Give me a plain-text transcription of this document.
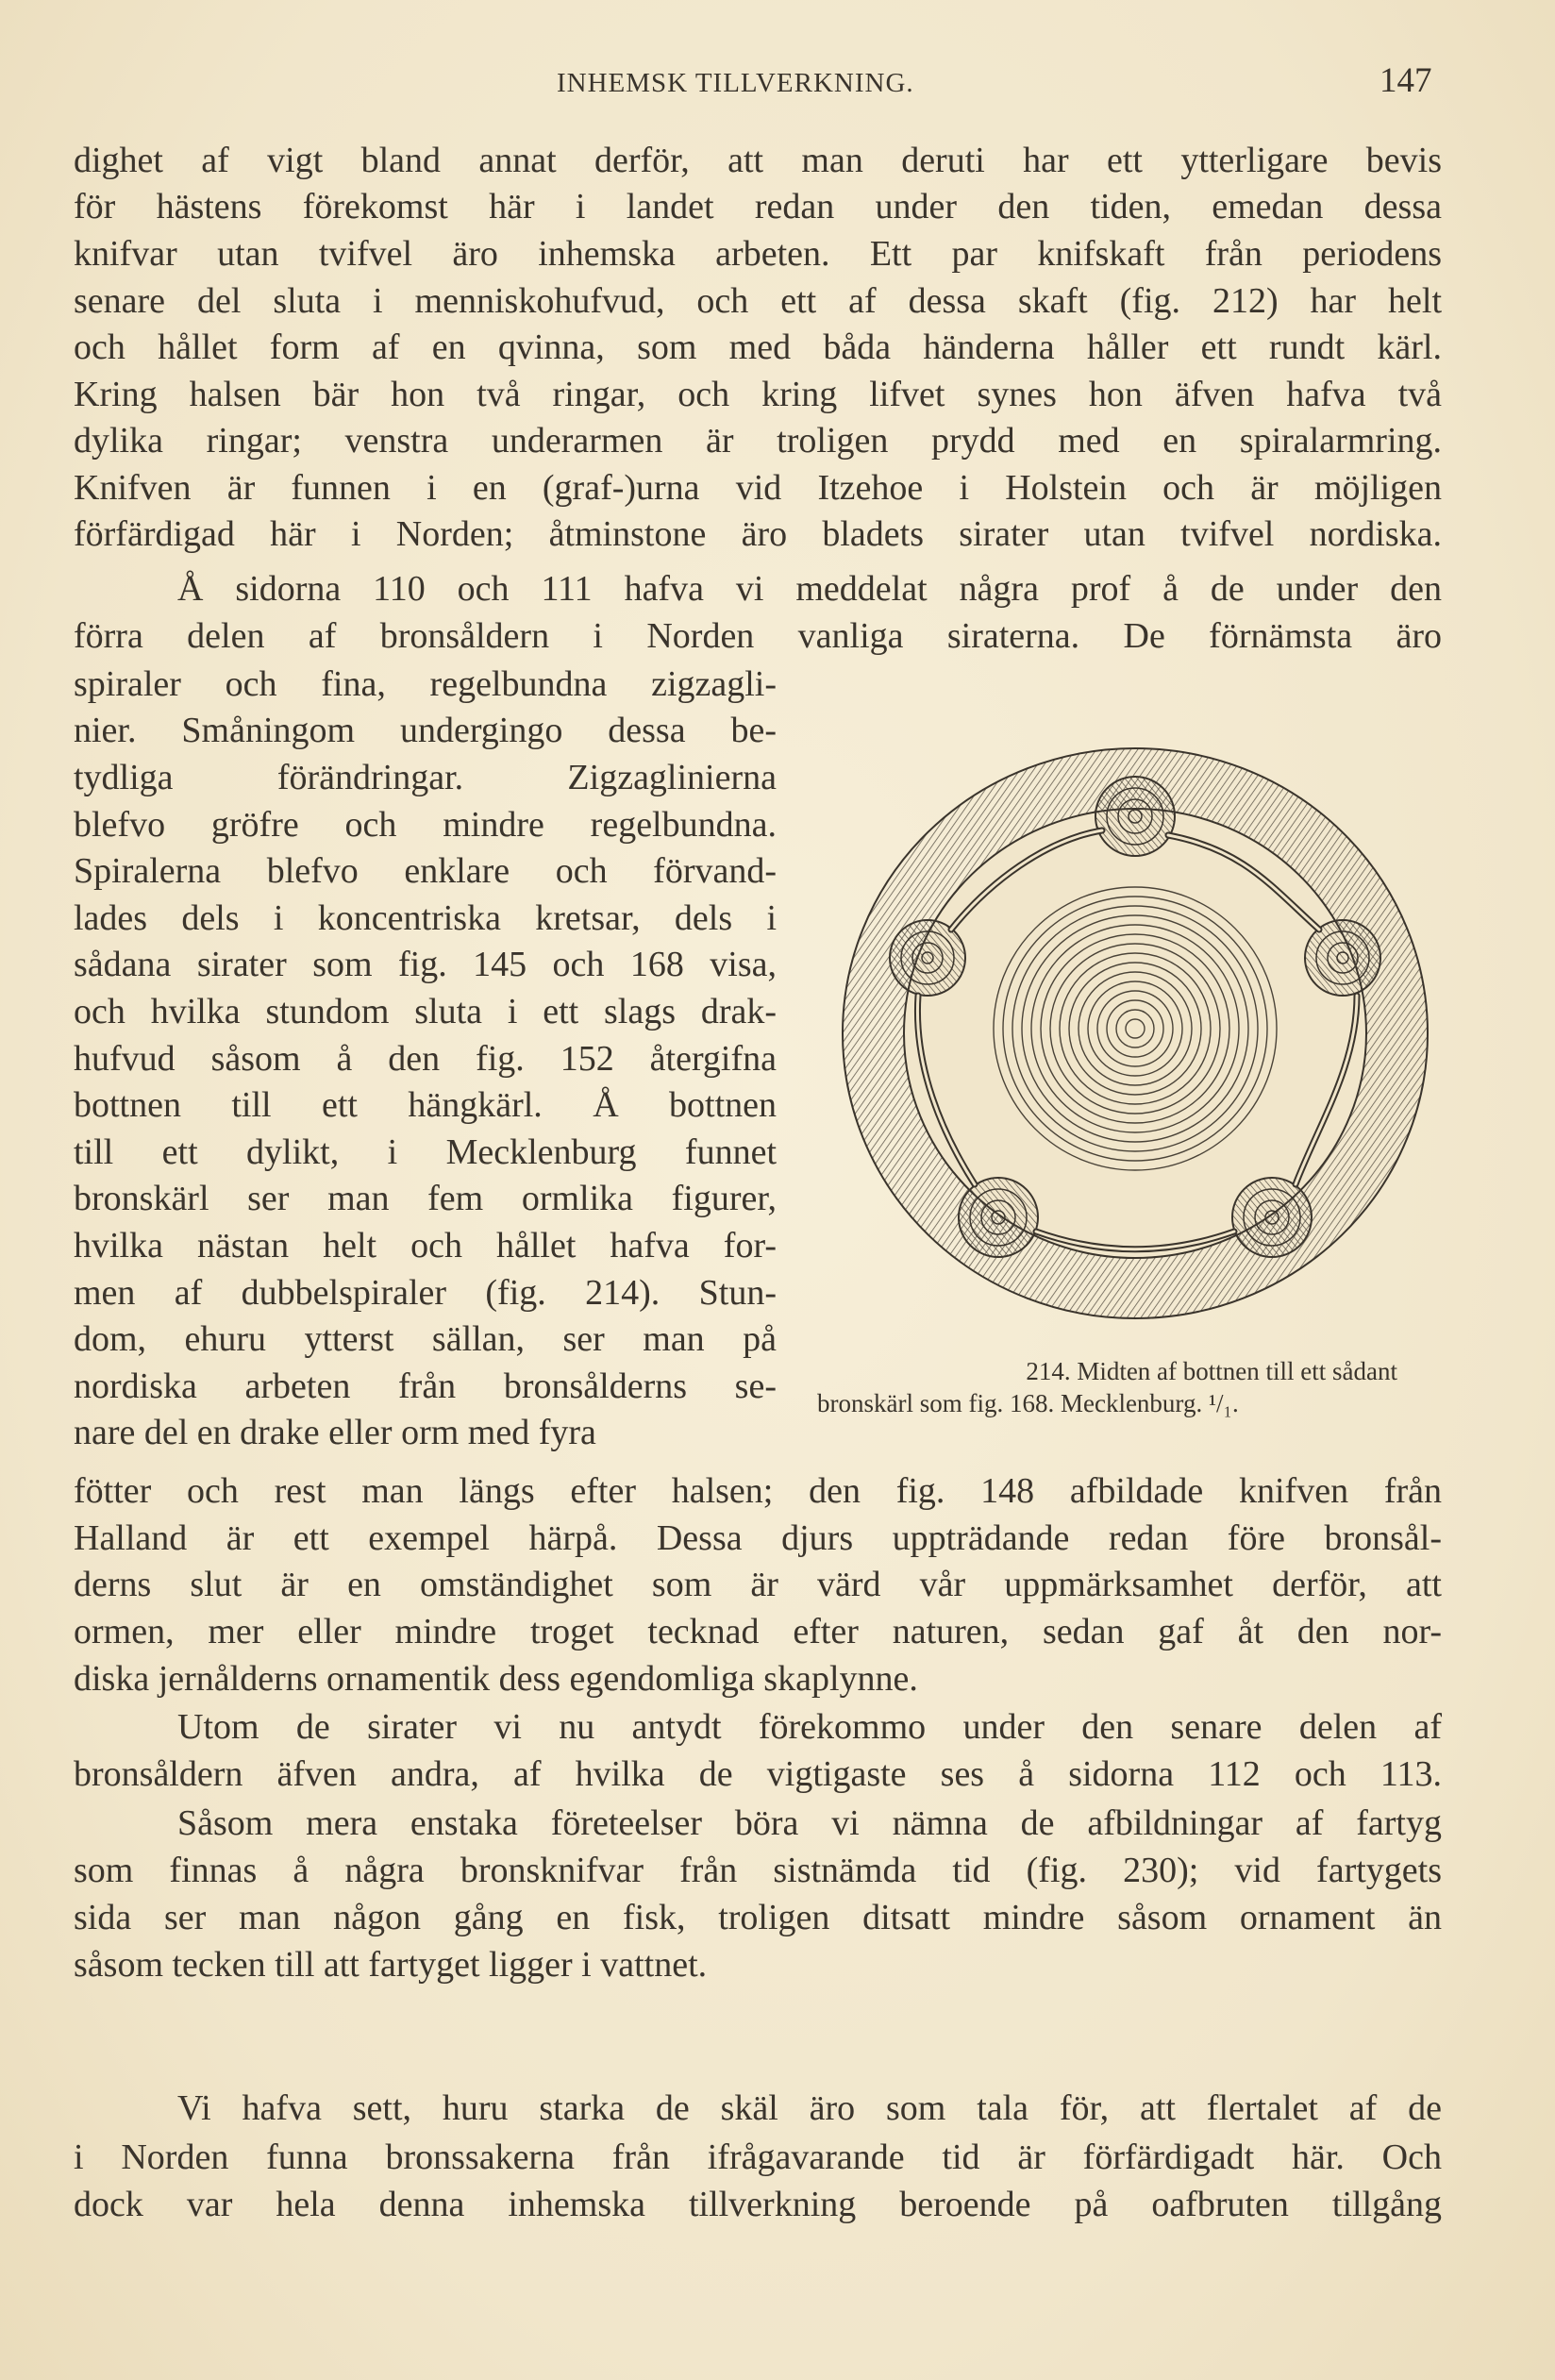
INHEMSK TILLVERKNING.	147
dighet af vigt bland annat derför, att man deruti har ett ytterligare bevis
för hästens förekomst här i landet redan under den tiden, emedan dessa
knifvar utan tvifvel äro inhemska arbeten. Ett par knifskaft från periodens
senare del sluta i menniskohufvud, och ett af dessa skaft (fig. 212) har helt
och hållet form af en qvinna, som med båda händerna håller ett rundt kärl.
Kring halsen bär hon två ringar, och kring lifvet synes hon äfven hafva två
dylika ringar; venstra underarmen är troligen prydd med en spiralarmring.
Knifven är funnen i en (graf-)urna vid Itzehoe i Holstein och är möjligen
förfärdigad här i Norden; åtminstone äro bladets sirater utan tvifvel nordiska.
Å sidorna 110 och 111 hafva vi meddelat några prof å de under den
förra delen af bronsåldern i Norden vanliga siraterna. De förnämsta äro
spiraler och fina, regelbundna zigzagli-
nier. Småningom undergingo dessa be-
tydliga förändringar. Zigzaglinierna
blefvo gröfre och mindre regelbundna.
Spiralerna blefvo enklare och förvand-
lades dels i koncentriska kretsar, dels i
sådana sirater som fig. 145 och 168 visa,
och hvilka stundom sluta i ett slags drak-
hufvud såsom å den fig. 152 återgifna
bottnen till ett hängkärl. Å bottnen
till ett dylikt, i Mecklenburg funnet
bronskärl ser man fem ormlika figurer,
hvilka nästan helt och hållet hafva for-
men af dubbelspiraler (fig. 214). Stun-
dom, ehuru ytterst sällan, ser man på
nordiska arbeten från bronsålderns se-
nare del en drake eller orm med fyra
214. Midten af bottnen till ett sådant
bronskärl som fig. 168. Mecklenburg. ¹/₁.
fötter och rest man längs efter halsen; den fig. 148 afbildade knifven från
Halland är ett exempel härpå. Dessa djurs uppträdande redan före bronsål-
derns slut är en omständighet som är värd vår uppmärksamhet derför, att
ormen, mer eller mindre troget tecknad efter naturen, sedan gaf åt den nor-
diska jernålderns ornamentik dess egendomliga skaplynne.
Utom de sirater vi nu antydt förekommo under den senare delen af
bronsåldern äfven andra, af hvilka de vigtigaste ses å sidorna 112 och 113.
Såsom mera enstaka företeelser böra vi nämna de afbildningar af fartyg
som finnas å några bronsknifvar från sistnämda tid (fig. 230); vid fartygets
sida ser man någon gång en fisk, troligen ditsatt mindre såsom ornament än
såsom tecken till att fartyget ligger i vattnet.
Vi hafva sett, huru starka de skäl äro som tala för, att flertalet af de
i Norden funna bronssakerna från ifrågavarande tid är förfärdigadt här. Och
dock var hela denna inhemska tillverkning beroende på oafbruten tillgång
